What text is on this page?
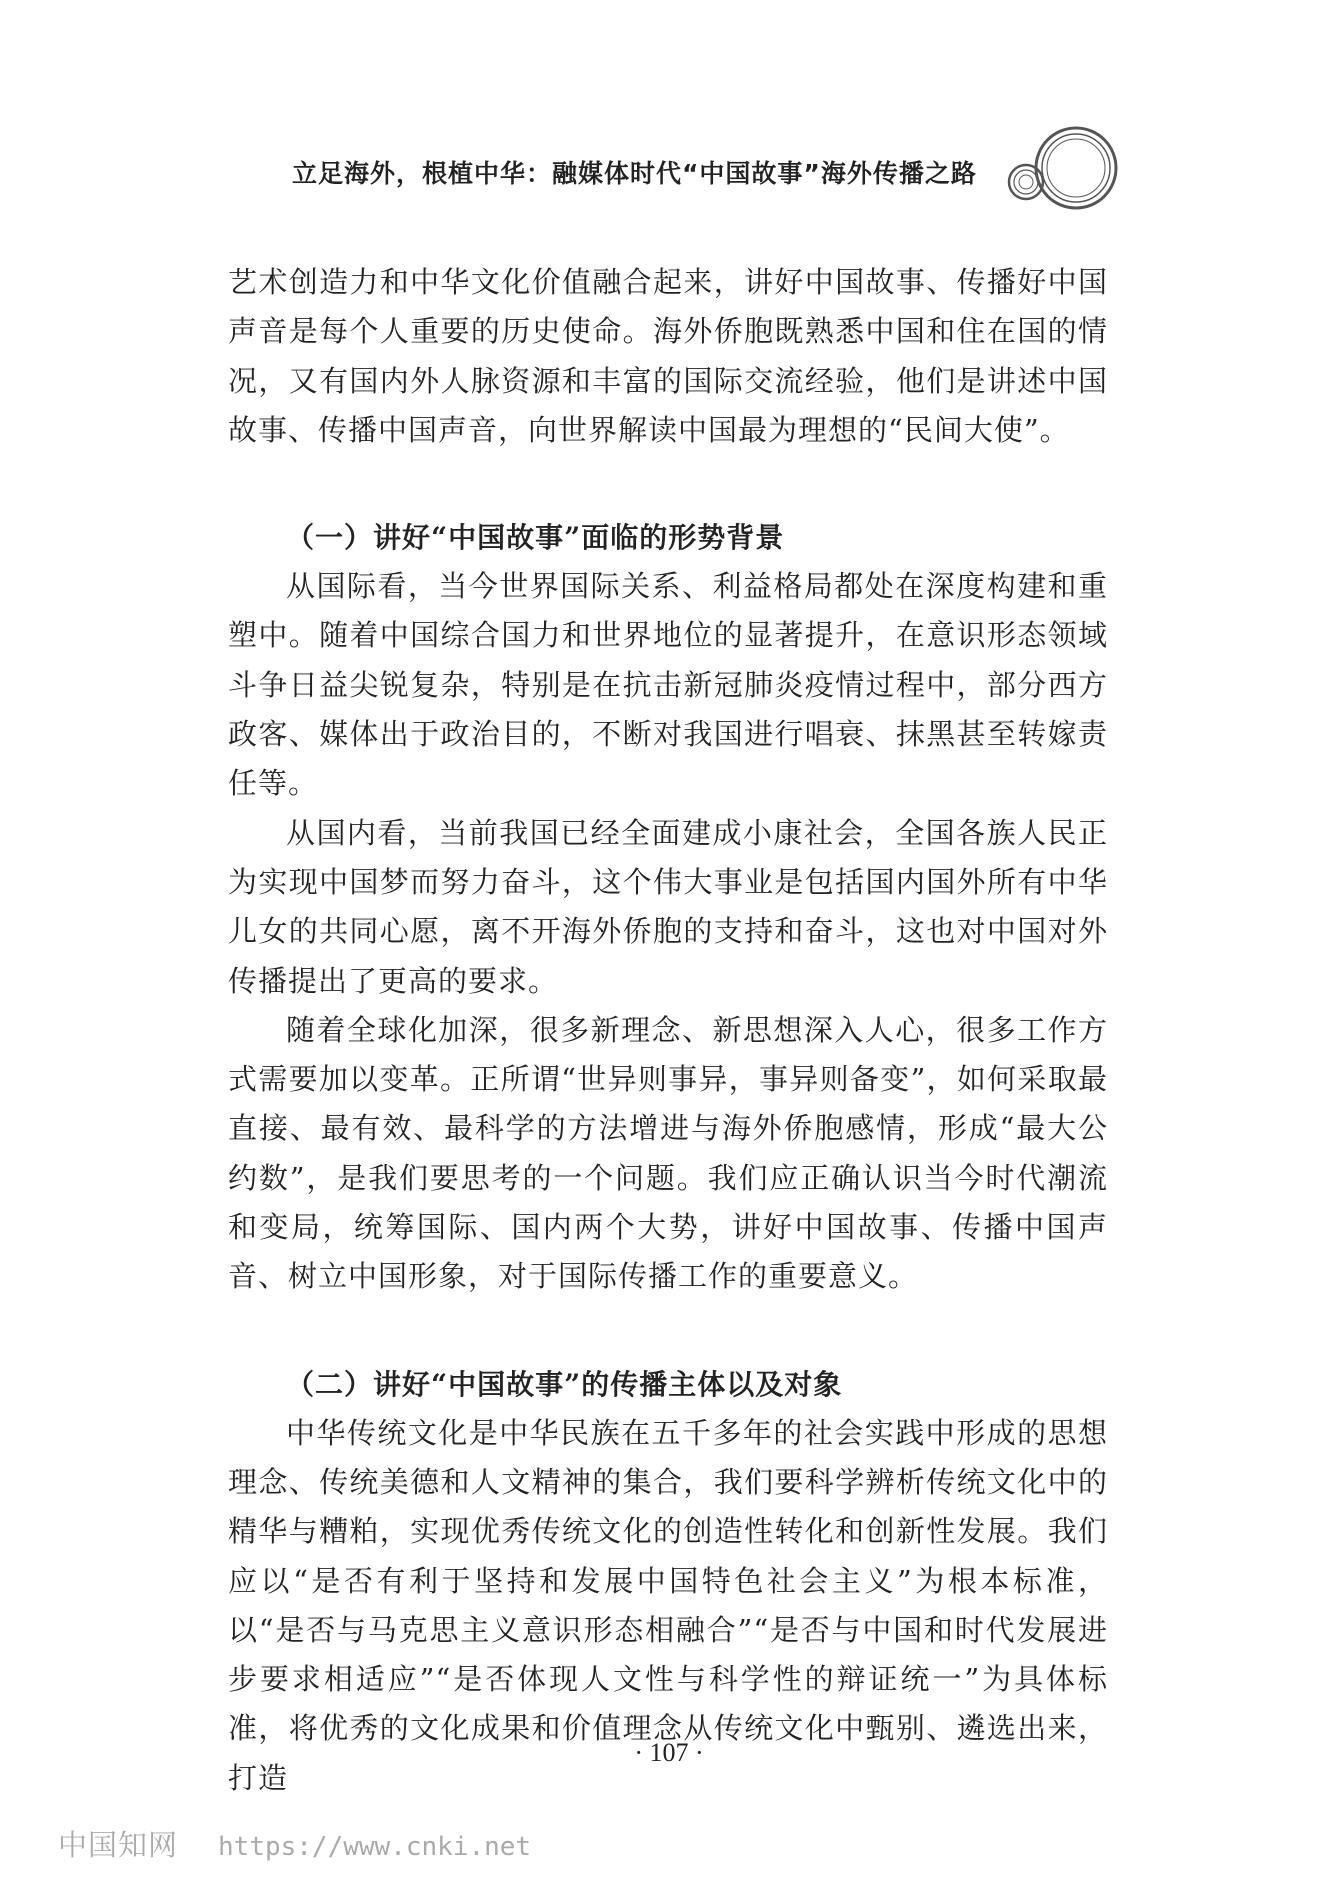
立足海外，根植中华：融媒体时代“中国故事”海外传播之路

艺术创造力和中华文化价值融合起来，讲好中国故事、传播好中国声音是每个人重要的历史使命。海外侨胞既熟悉中国和住在国的情况，又有国内外人脉资源和丰富的国际交流经验，他们是讲述中国故事、传播中国声音，向世界解读中国最为理想的“民间大使”。

（一）讲好“中国故事”面临的形势背景

从国际看，当今世界国际关系、利益格局都处在深度构建和重塑中。随着中国综合国力和世界地位的显著提升，在意识形态领域斗争日益尖锐复杂，特别是在抗击新冠肺炎疫情过程中，部分西方政客、媒体出于政治目的，不断对我国进行唱衰、抹黑甚至转嫁责任等。

从国内看，当前我国已经全面建成小康社会，全国各族人民正为实现中国梦而努力奋斗，这个伟大事业是包括国内国外所有中华儿女的共同心愿，离不开海外侨胞的支持和奋斗，这也对中国对外传播提出了更高的要求。

随着全球化加深，很多新理念、新思想深入人心，很多工作方式需要加以变革。正所谓“世异则事异，事异则备变”，如何采取最直接、最有效、最科学的方法增进与海外侨胞感情，形成“最大公约数”，是我们要思考的一个问题。我们应正确认识当今时代潮流和变局，统筹国际、国内两个大势，讲好中国故事、传播中国声音、树立中国形象，对于国际传播工作的重要意义。

（二）讲好“中国故事”的传播主体以及对象

中华传统文化是中华民族在五千多年的社会实践中形成的思想理念、传统美德和人文精神的集合，我们要科学辨析传统文化中的精华与糟粕，实现优秀传统文化的创造性转化和创新性发展。我们应以“是否有利于坚持和发展中国特色社会主义”为根本标准，以“是否与马克思主义意识形态相融合”“是否与中国和时代发展进步要求相适应”“是否体现人文性与科学性的辩证统一”为具体标准，将优秀的文化成果和价值理念从传统文化中甄别、遴选出来，打造

· 107 ·
中国知网 https://www.cnki.net
